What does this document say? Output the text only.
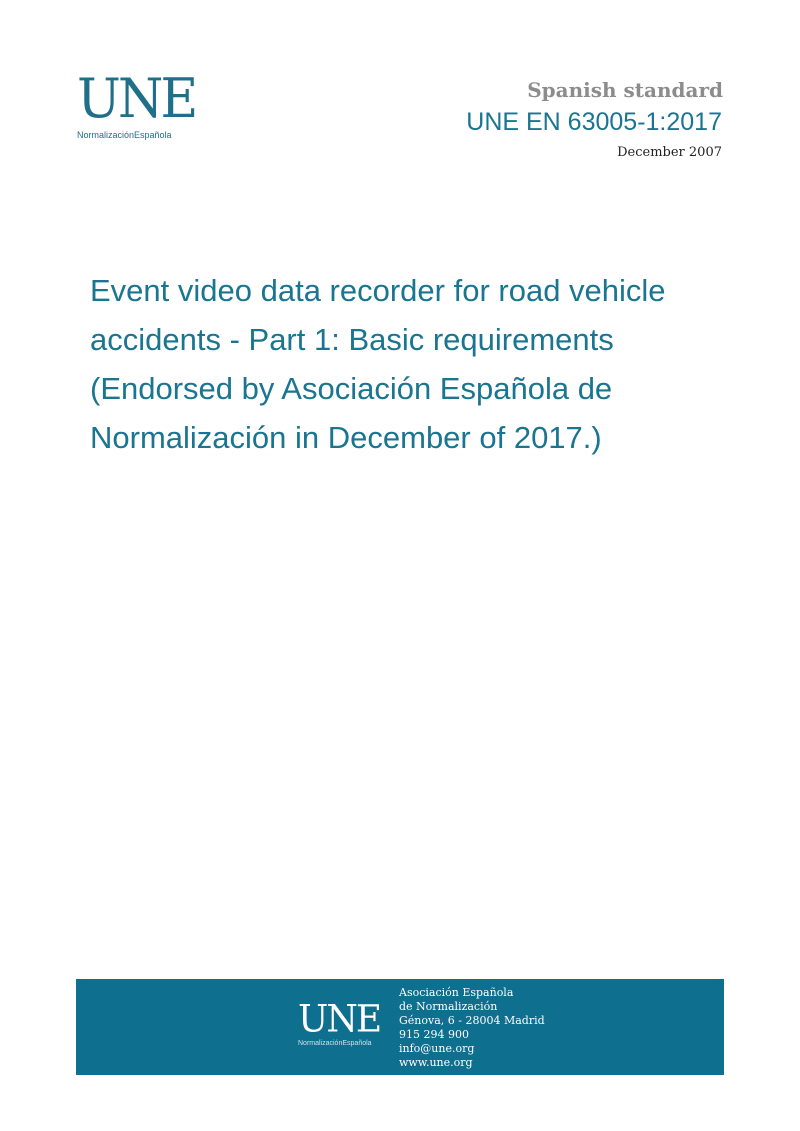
UNE
NormalizaciónEspañola
Spanish standard
UNE EN 63005-1:2017
December 2007
Event video data recorder for road vehicle accidents - Part 1: Basic requirements (Endorsed by Asociación Española de Normalización in December of 2017.)
UNE
NormalizaciónEspañola
Asociación Española
de Normalización
Génova, 6 - 28004 Madrid
915 294 900
info@une.org
www.une.org
